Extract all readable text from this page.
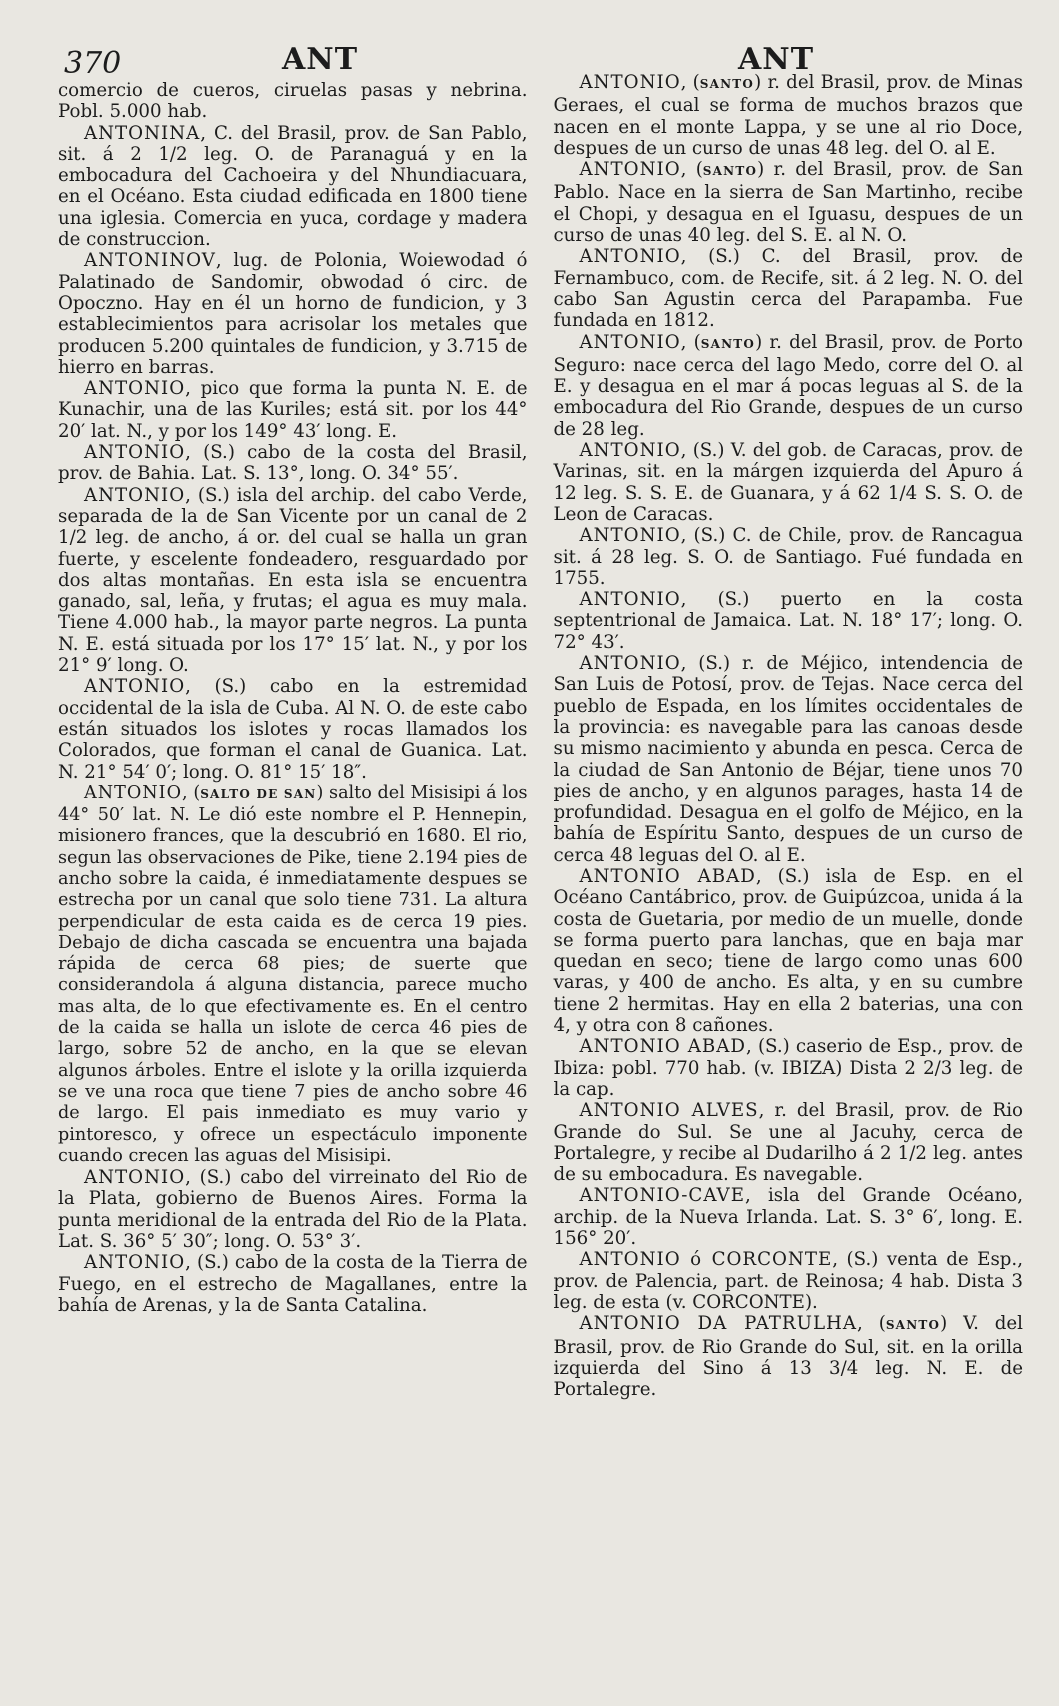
370	ANT	ANT

comercio de cueros, ciruelas pasas y nebrina. Pobl. 5.000 hab.

ANTONINA, C. del Brasil, prov. de San Pablo, sit. á 2 1/2 leg. O. de Paranaguá y en la embocadura del Cachoeira y del Nhundiacuara, en el Océano. Esta ciudad edificada en 1800 tiene una iglesia. Comercia en yuca, cordage y madera de construccion.

ANTONINOV, lug. de Polonia, Woiewodad ó Palatinado de Sandomir, obwodad ó circ. de Opoczno. Hay en él un horno de fundicion, y 3 establecimientos para acrisolar los metales que producen 5.200 quintales de fundicion, y 3.715 de hierro en barras.

ANTONIO, pico que forma la punta N. E. de Kunachir, una de las Kuriles; está sit. por los 44° 20′ lat. N., y por los 149° 43′ long. E.

ANTONIO, (S.) cabo de la costa del Brasil, prov. de Bahia. Lat. S. 13°, long. O. 34° 55′.

ANTONIO, (S.) isla del archip. del cabo Verde, separada de la de San Vicente por un canal de 2 1/2 leg. de ancho, á or. del cual se halla un gran fuerte, y escelente fondeadero, resguardado por dos altas montañas. En esta isla se encuentra ganado, sal, leña, y frutas; el agua es muy mala. Tiene 4.000 hab., la mayor parte negros. La punta N. E. está situada por los 17° 15′ lat. N., y por los 21° 9′ long. O.

ANTONIO, (S.) cabo en la estremidad occidental de la isla de Cuba. Al N. O. de este cabo están situados los islotes y rocas llamados los Colorados, que forman el canal de Guanica. Lat. N. 21° 54′ 0′; long. O. 81° 15′ 18″.

ANTONIO, (SALTO DE SAN) salto del Misisipi á los 44° 50′ lat. N. Le dió este nombre el P. Hennepin, misionero frances, que la descubrió en 1680. El rio, segun las observaciones de Pike, tiene 2.194 pies de ancho sobre la caida, é inmediatamente despues se estrecha por un canal que solo tiene 731. La altura perpendicular de esta caida es de cerca 19 pies. Debajo de dicha cascada se encuentra una bajada rápida de cerca 68 pies; de suerte que considerandola á alguna distancia, parece mucho mas alta, de lo que efectivamente es. En el centro de la caida se halla un islote de cerca 46 pies de largo, sobre 52 de ancho, en la que se elevan algunos árboles. Entre el islote y la orilla izquierda se ve una roca que tiene 7 pies de ancho sobre 46 de largo. El pais inmediato es muy vario y pintoresco, y ofrece un espectáculo imponente cuando crecen las aguas del Misisipi.

ANTONIO, (S.) cabo del virreinato del Rio de la Plata, gobierno de Buenos Aires. Forma la punta meridional de la entrada del Rio de la Plata. Lat. S. 36° 5′ 30″; long. O. 53° 3′.

ANTONIO, (S.) cabo de la costa de la Tierra de Fuego, en el estrecho de Magallanes, entre la bahía de Arenas, y la de Santa Catalina.

ANTONIO, (SANTO) r. del Brasil, prov. de Minas Geraes, el cual se forma de muchos brazos que nacen en el monte Lappa, y se une al rio Doce, despues de un curso de unas 48 leg. del O. al E.

ANTONIO, (SANTO) r. del Brasil, prov. de San Pablo. Nace en la sierra de San Martinho, recibe el Chopi, y desagua en el Iguasu, despues de un curso de unas 40 leg. del S. E. al N. O.

ANTONIO, (S.) C. del Brasil, prov. de Fernambuco, com. de Recife, sit. á 2 leg. N. O. del cabo San Agustin cerca del Parapamba. Fue fundada en 1812.

ANTONIO, (SANTO) r. del Brasil, prov. de Porto Seguro: nace cerca del lago Medo, corre del O. al E. y desagua en el mar á pocas leguas al S. de la embocadura del Rio Grande, despues de un curso de 28 leg.

ANTONIO, (S.) V. del gob. de Caracas, prov. de Varinas, sit. en la márgen izquierda del Apuro á 12 leg. S. S. E. de Guanara, y á 62 1/4 S. S. O. de Leon de Caracas.

ANTONIO, (S.) C. de Chile, prov. de Rancagua sit. á 28 leg. S. O. de Santiago. Fué fundada en 1755.

ANTONIO, (S.) puerto en la costa septentrional de Jamaica. Lat. N. 18° 17′; long. O. 72° 43′.

ANTONIO, (S.) r. de Méjico, intendencia de San Luis de Potosí, prov. de Tejas. Nace cerca del pueblo de Espada, en los límites occidentales de la provincia: es navegable para las canoas desde su mismo nacimiento y abunda en pesca. Cerca de la ciudad de San Antonio de Béjar, tiene unos 70 pies de ancho, y en algunos parages, hasta 14 de profundidad. Desagua en el golfo de Méjico, en la bahía de Espíritu Santo, despues de un curso de cerca 48 leguas del O. al E.

ANTONIO ABAD, (S.) isla de Esp. en el Océano Cantábrico, prov. de Guipúzcoa, unida á la costa de Guetaria, por medio de un muelle, donde se forma puerto para lanchas, que en baja mar quedan en seco; tiene de largo como unas 600 varas, y 400 de ancho. Es alta, y en su cumbre tiene 2 hermitas. Hay en ella 2 baterias, una con 4, y otra con 8 cañones.

ANTONIO ABAD, (S.) caserio de Esp., prov. de Ibiza: pobl. 770 hab. (v. IBIZA) Dista 2 2/3 leg. de la cap.

ANTONIO ALVES, r. del Brasil, prov. de Rio Grande do Sul. Se une al Jacuhy, cerca de Portalegre, y recibe al Dudarilho á 2 1/2 leg. antes de su embocadura. Es navegable.

ANTONIO-CAVE, isla del Grande Océano, archip. de la Nueva Irlanda. Lat. S. 3° 6′, long. E. 156° 20′.

ANTONIO ó CORCONTE, (S.) venta de Esp., prov. de Palencia, part. de Reinosa; 4 hab. Dista 3 leg. de esta (v. CORCONTE).

ANTONIO DA PATRULHA, (SANTO) V. del Brasil, prov. de Rio Grande do Sul, sit. en la orilla izquierda del Sino á 13 3/4 leg. N. E. de Portalegre.
